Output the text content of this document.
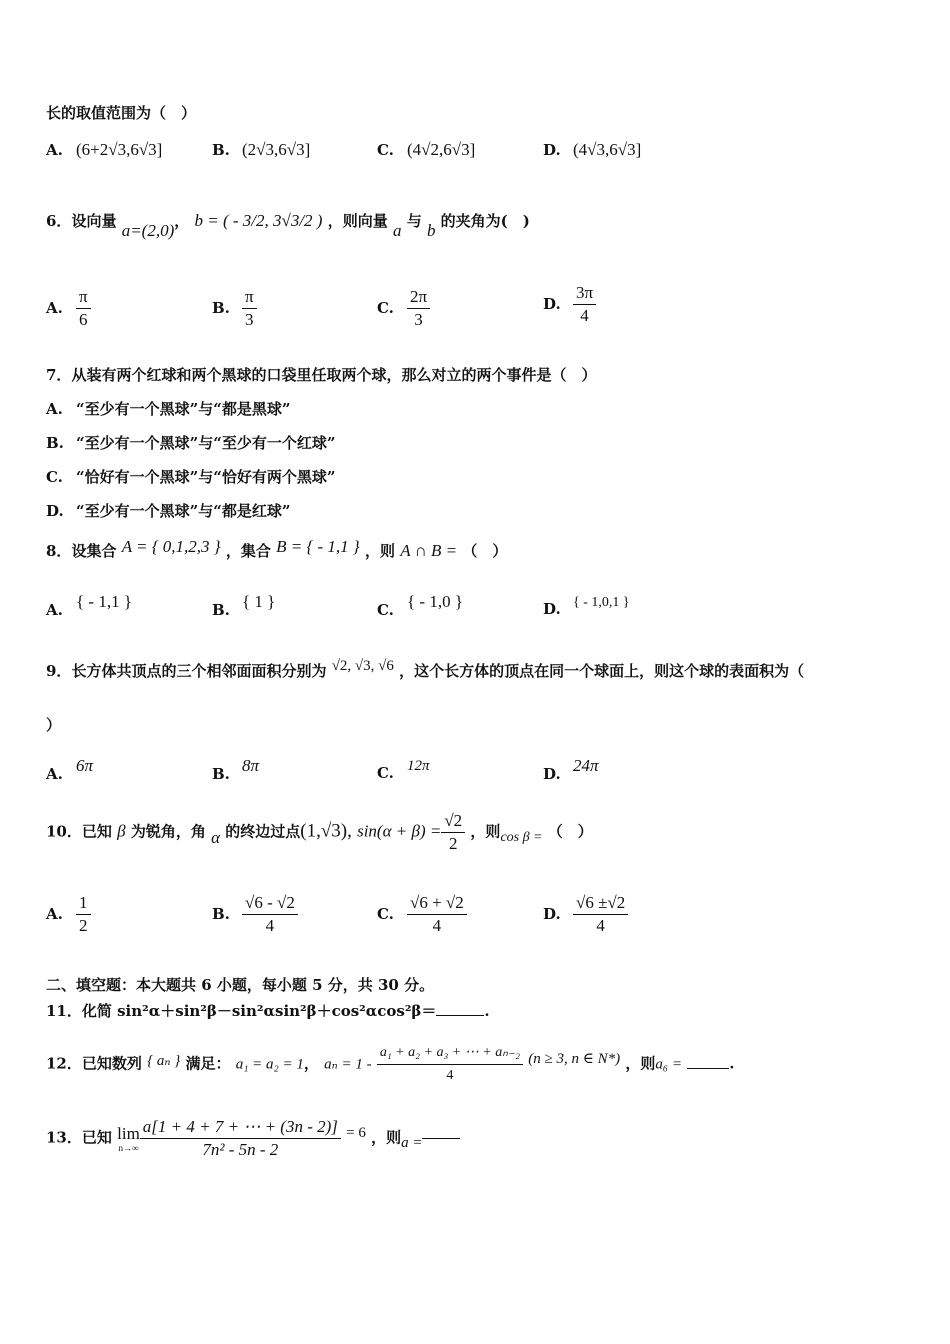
长的取值范围为（　）
A. (6+2√3,6√3]	B. (2√3,6√3]	C. (4√2,6√3]	D. (4√3,6√3]
6．设向量 a=(2,0)， b = ( - 3/2, 3√3/2 ) ，则向量 a 与 b 的夹角为(　)
A. $\frac{\pi}{6}$	B. $\frac{\pi}{3}$	C. $\frac{2\pi}{3}$	D. $\frac{3\pi}{4}$
7．从装有两个红球和两个黑球的口袋里任取两个球，那么对立的两个事件是（　）
A. “至少有一个黑球”与“都是黑球”
B. “至少有一个黑球”与“至少有一个红球”
C. “恰好有一个黑球”与“恰好有两个黑球”
D. “至少有一个黑球”与“都是红球”
8．设集合 A = { 0,1,2,3 } ，集合 B = { - 1,1 } ，则 A ∩ B = （　）
A. { - 1,1 }	B. { 1 }	C. { - 1,0 }	D. { - 1,0,1 }
9．长方体共顶点的三个相邻面面积分别为 √2, √3, √6 ，这个长方体的顶点在同一个球面上，则这个球的表面积为（
）
A. 6π	B. 8π	C. 12π	D. 24π
10．已知 β 为锐角，角 α 的终边过点(1,√3), $\sin(\alpha + \beta) = \frac{√2}{2}$ ，则cos β = （　）
A. $\frac{1}{2}$	B. $\frac{√6 - √2}{4}$	C. $\frac{√6 + √2}{4}$	D. $\frac{√6 \pm√2}{4}$
二、填空题：本大题共 6 小题，每小题 5 分，共 30 分。
11．化简 sin²α＋sin²β－sin²αsin²β＋cos²αcos²β＝	.
12．已知数列 { aₙ } 满足： a₁ = a₂ = 1， $a_n = 1 - \frac{\text{a₁ + a₂ + a₃ + ⋯ + aₙ₋₂}}{4} (n \ge 3$, n ∈ N*) ，则a₆ =	.
13．已知 lim
$n\to\infty \frac{a[1 + 4 + 7 + \cdots + (3n - 2)]}{\text{7n² - 5n - 2}} = 6$ ，则a =
